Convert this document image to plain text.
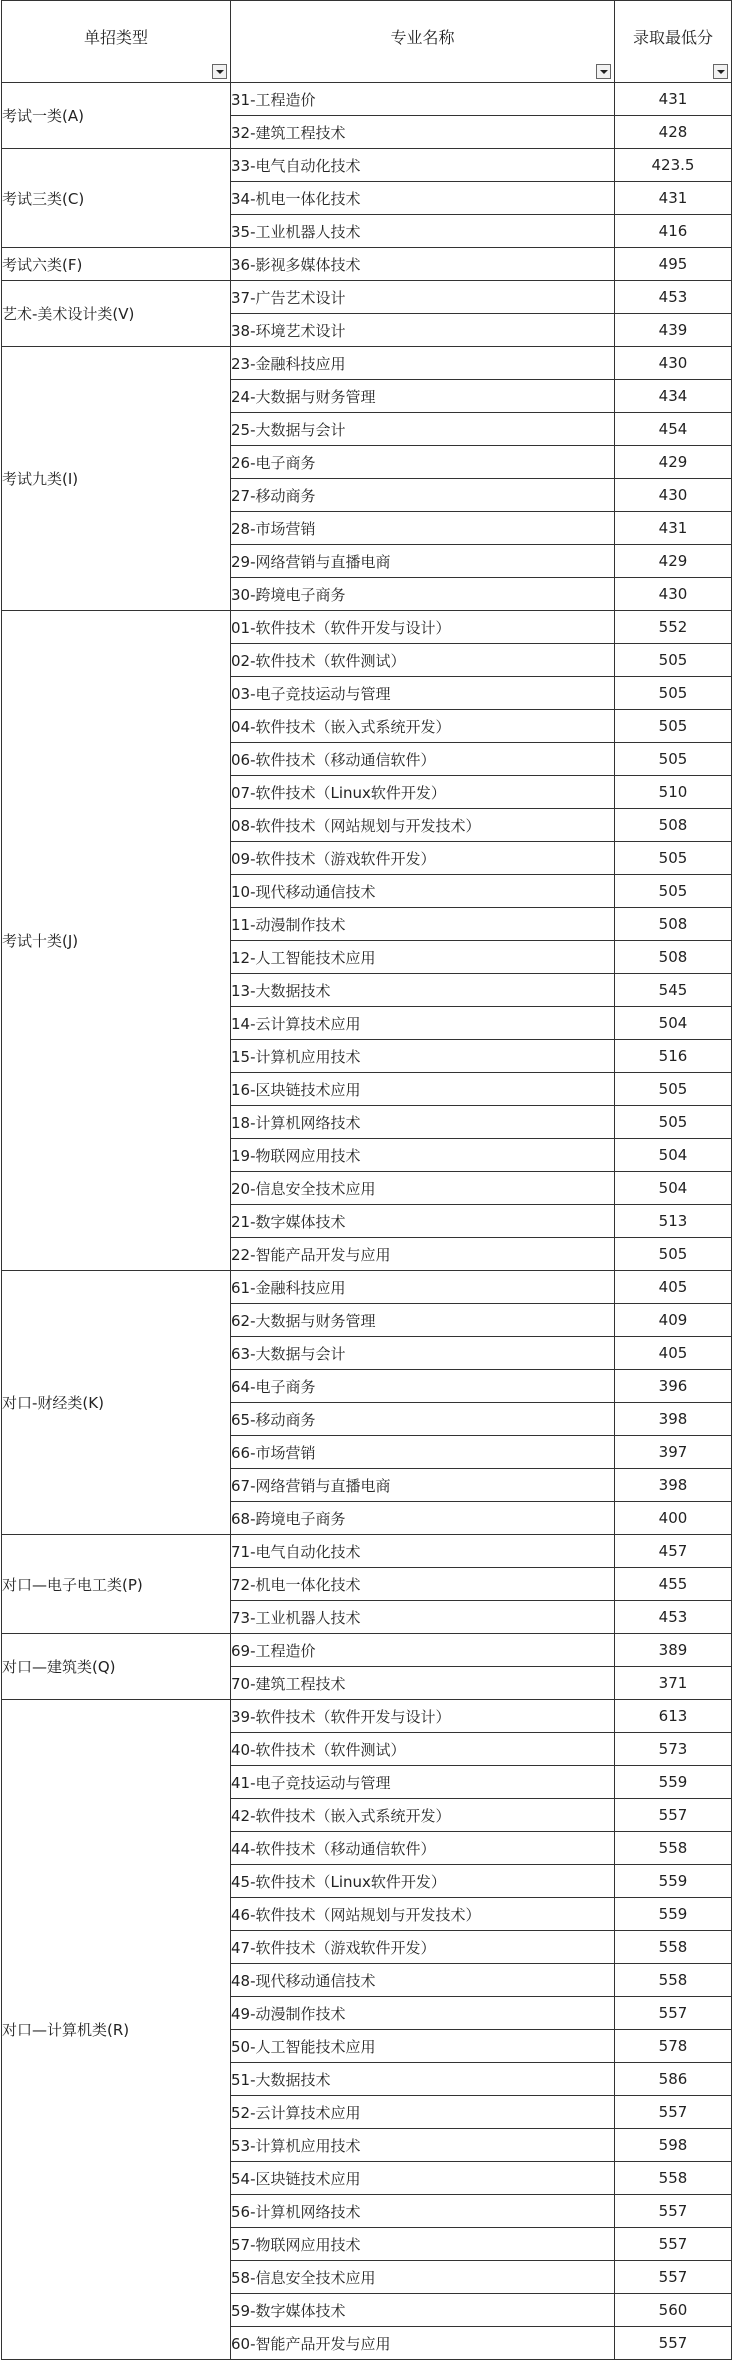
单招类型	专业名称	录取最低分

考试一类(A)	31-工程造价	431
	32-建筑工程技术	428
考试三类(C)	33-电气自动化技术	423.5
	34-机电一体化技术	431
	35-工业机器人技术	416
考试六类(F)	36-影视多媒体技术	495
艺术-美术设计类(V)	37-广告艺术设计	453
	38-环境艺术设计	439
考试九类(I)	23-金融科技应用	430
	24-大数据与财务管理	434
	25-大数据与会计	454
	26-电子商务	429
	27-移动商务	430
	28-市场营销	431
	29-网络营销与直播电商	429
	30-跨境电子商务	430
考试十类(J)	01-软件技术（软件开发与设计）	552
	02-软件技术（软件测试）	505
	03-电子竞技运动与管理	505
	04-软件技术（嵌入式系统开发）	505
	06-软件技术（移动通信软件）	505
	07-软件技术（Linux软件开发）	510
	08-软件技术（网站规划与开发技术）	508
	09-软件技术（游戏软件开发）	505
	10-现代移动通信技术	505
	11-动漫制作技术	508
	12-人工智能技术应用	508
	13-大数据技术	545
	14-云计算技术应用	504
	15-计算机应用技术	516
	16-区块链技术应用	505
	18-计算机网络技术	505
	19-物联网应用技术	504
	20-信息安全技术应用	504
	21-数字媒体技术	513
	22-智能产品开发与应用	505
对口-财经类(K)	61-金融科技应用	405
	62-大数据与财务管理	409
	63-大数据与会计	405
	64-电子商务	396
	65-移动商务	398
	66-市场营销	397
	67-网络营销与直播电商	398
	68-跨境电子商务	400
对口—电子电工类(P)	71-电气自动化技术	457
	72-机电一体化技术	455
	73-工业机器人技术	453
对口—建筑类(Q)	69-工程造价	389
	70-建筑工程技术	371
对口—计算机类(R)	39-软件技术（软件开发与设计）	613
	40-软件技术（软件测试）	573
	41-电子竞技运动与管理	559
	42-软件技术（嵌入式系统开发）	557
	44-软件技术（移动通信软件）	558
	45-软件技术（Linux软件开发）	559
	46-软件技术（网站规划与开发技术）	559
	47-软件技术（游戏软件开发）	558
	48-现代移动通信技术	558
	49-动漫制作技术	557
	50-人工智能技术应用	578
	51-大数据技术	586
	52-云计算技术应用	557
	53-计算机应用技术	598
	54-区块链技术应用	558
	56-计算机网络技术	557
	57-物联网应用技术	557
	58-信息安全技术应用	557
	59-数字媒体技术	560
	60-智能产品开发与应用	557
